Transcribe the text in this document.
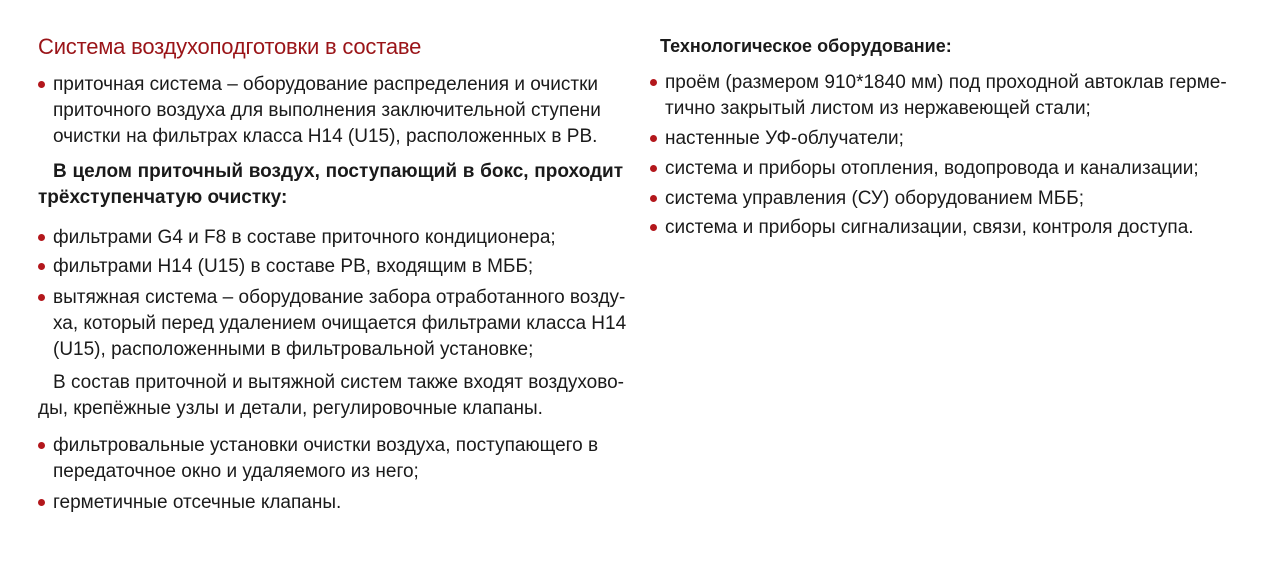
Система воздухоподготовки в составе
приточная система – оборудование распределения и очистки
приточного воздуха для выполнения заключительной ступени
очистки на фильтрах класса Н14 (U15), расположенных в РВ.
В целом приточный воздух, поступающий в бокс, проходит
трёхступенчатую очистку:
фильтрами G4 и F8 в составе приточного кондиционера;
фильтрами Н14 (U15) в составе РВ, входящим в МББ;
вытяжная система – оборудование забора отработанного возду-
ха, который перед удалением очищается фильтрами класса Н14
(U15), расположенными в фильтровальной установке;
В состав приточной и вытяжной систем также входят воздухово-
ды, крепёжные узлы и детали, регулировочные клапаны.
фильтровальные установки очистки воздуха, поступающего в
передаточное окно и удаляемого из него;
герметичные отсечные клапаны.
Технологическое оборудование:
проём (размером 910*1840 мм) под проходной автоклав герме-
тично закрытый листом из нержавеющей стали;
настенные УФ-облучатели;
система и приборы отопления, водопровода и канализации;
система управления (СУ) оборудованием МББ;
система и приборы сигнализации, связи, контроля доступа.
